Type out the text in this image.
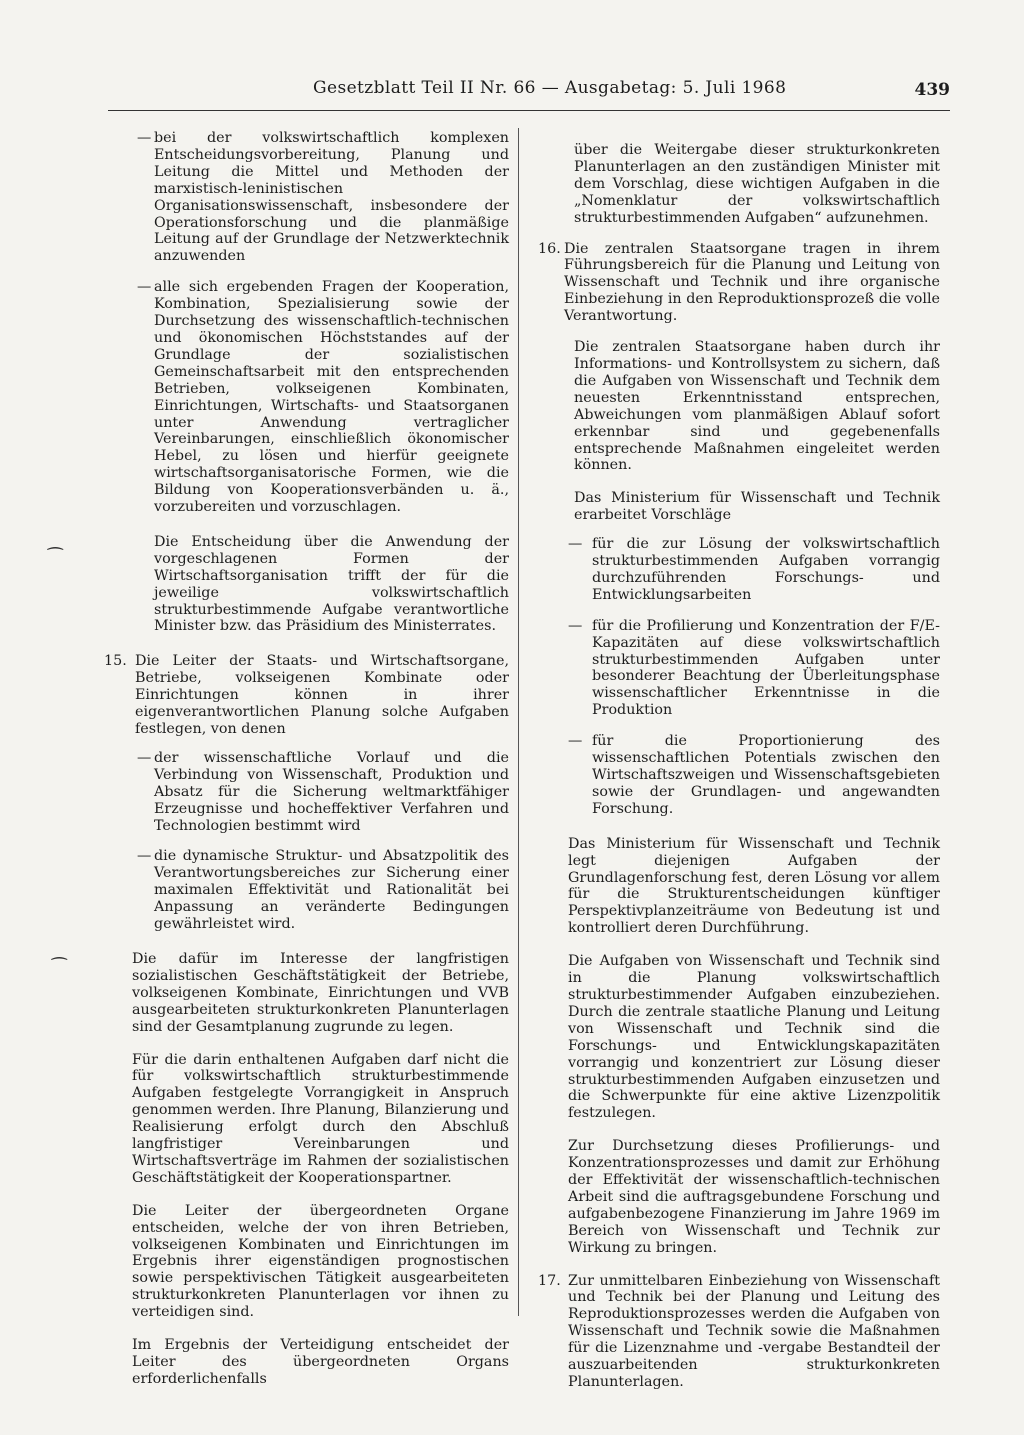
Gesetzblatt Teil II Nr. 66 — Ausgabetag: 5. Juli 1968	439
— bei der volkswirtschaftlich komplexen Entscheidungsvorbereitung, Planung und Leitung die Mittel und Methoden der marxistisch-leninistischen Organisationswissenschaft, insbesondere der Operationsforschung und die planmäßige Leitung auf der Grundlage der Netzwerktechnik anzuwenden
— alle sich ergebenden Fragen der Kooperation, Kombination, Spezialisierung sowie der Durchsetzung des wissenschaftlich-technischen und ökonomischen Höchststandes auf der Grundlage der sozialistischen Gemeinschaftsarbeit mit den entsprechenden Betrieben, volkseigenen Kombinaten, Einrichtungen, Wirtschafts- und Staatsorganen unter Anwendung vertraglicher Vereinbarungen, einschließlich ökonomischer Hebel, zu lösen und hierfür geeignete wirtschaftsorganisatorische Formen, wie die Bildung von Kooperationsverbänden u. ä., vorzubereiten und vorzuschlagen.
Die Entscheidung über die Anwendung der vorgeschlagenen Formen der Wirtschaftsorganisation trifft der für die jeweilige volkswirtschaftlich strukturbestimmende Aufgabe verantwortliche Minister bzw. das Präsidium des Ministerrates.
15. Die Leiter der Staats- und Wirtschaftsorgane, Betriebe, volkseigenen Kombinate oder Einrichtungen können in ihrer eigenverantwortlichen Planung solche Aufgaben festlegen, von denen
— der wissenschaftliche Vorlauf und die Verbindung von Wissenschaft, Produktion und Absatz für die Sicherung weltmarktfähiger Erzeugnisse und hocheffektiver Verfahren und Technologien bestimmt wird
— die dynamische Struktur- und Absatzpolitik des Verantwortungsbereiches zur Sicherung einer maximalen Effektivität und Rationalität bei Anpassung an veränderte Bedingungen gewährleistet wird.
Die dafür im Interesse der langfristigen sozialistischen Geschäftstätigkeit der Betriebe, volkseigenen Kombinate, Einrichtungen und VVB ausgearbeiteten strukturkonkreten Planunterlagen sind der Gesamtplanung zugrunde zu legen.
Für die darin enthaltenen Aufgaben darf nicht die für volkswirtschaftlich strukturbestimmende Aufgaben festgelegte Vorrangigkeit in Anspruch genommen werden. Ihre Planung, Bilanzierung und Realisierung erfolgt durch den Abschluß langfristiger Vereinbarungen und Wirtschaftsverträge im Rahmen der sozialistischen Geschäftstätigkeit der Kooperationspartner.
Die Leiter der übergeordneten Organe entscheiden, welche der von ihren Betrieben, volkseigenen Kombinaten und Einrichtungen im Ergebnis ihrer eigenständigen prognostischen sowie perspektivischen Tätigkeit ausgearbeiteten strukturkonkreten Planunterlagen vor ihnen zu verteidigen sind.
Im Ergebnis der Verteidigung entscheidet der Leiter des übergeordneten Organs erforderlichenfalls
über die Weitergabe dieser strukturkonkreten Planunterlagen an den zuständigen Minister mit dem Vorschlag, diese wichtigen Aufgaben in die „Nomenklatur der volkswirtschaftlich strukturbestimmenden Aufgaben“ aufzunehmen.
16. Die zentralen Staatsorgane tragen in ihrem Führungsbereich für die Planung und Leitung von Wissenschaft und Technik und ihre organische Einbeziehung in den Reproduktionsprozeß die volle Verantwortung.
Die zentralen Staatsorgane haben durch ihr Informations- und Kontrollsystem zu sichern, daß die Aufgaben von Wissenschaft und Technik dem neuesten Erkenntnisstand entsprechen, Abweichungen vom planmäßigen Ablauf sofort erkennbar sind und gegebenenfalls entsprechende Maßnahmen eingeleitet werden können.
Das Ministerium für Wissenschaft und Technik erarbeitet Vorschläge
— für die zur Lösung der volkswirtschaftlich strukturbestimmenden Aufgaben vorrangig durchzuführenden Forschungs- und Entwicklungsarbeiten
— für die Profilierung und Konzentration der F/E-Kapazitäten auf diese volkswirtschaftlich strukturbestimmenden Aufgaben unter besonderer Beachtung der Überleitungsphase wissenschaftlicher Erkenntnisse in die Produktion
— für die Proportionierung des wissenschaftlichen Potentials zwischen den Wirtschaftszweigen und Wissenschaftsgebieten sowie der Grundlagen- und angewandten Forschung.
Das Ministerium für Wissenschaft und Technik legt diejenigen Aufgaben der Grundlagenforschung fest, deren Lösung vor allem für die Strukturentscheidungen künftiger Perspektivplanzeiträume von Bedeutung ist und kontrolliert deren Durchführung.
Die Aufgaben von Wissenschaft und Technik sind in die Planung volkswirtschaftlich strukturbestimmender Aufgaben einzubeziehen. Durch die zentrale staatliche Planung und Leitung von Wissenschaft und Technik sind die Forschungs- und Entwicklungskapazitäten vorrangig und konzentriert zur Lösung dieser strukturbestimmenden Aufgaben einzusetzen und die Schwerpunkte für eine aktive Lizenzpolitik festzulegen.
Zur Durchsetzung dieses Profilierungs- und Konzentrationsprozesses und damit zur Erhöhung der Effektivität der wissenschaftlich-technischen Arbeit sind die auftragsgebundene Forschung und aufgabenbezogene Finanzierung im Jahre 1969 im Bereich von Wissenschaft und Technik zur Wirkung zu bringen.
17. Zur unmittelbaren Einbeziehung von Wissenschaft und Technik bei der Planung und Leitung des Reproduktionsprozesses werden die Aufgaben von Wissenschaft und Technik sowie die Maßnahmen für die Lizenznahme und -vergabe Bestandteil der auszuarbeitenden strukturkonkreten Planunterlagen.
⁔
⁔
